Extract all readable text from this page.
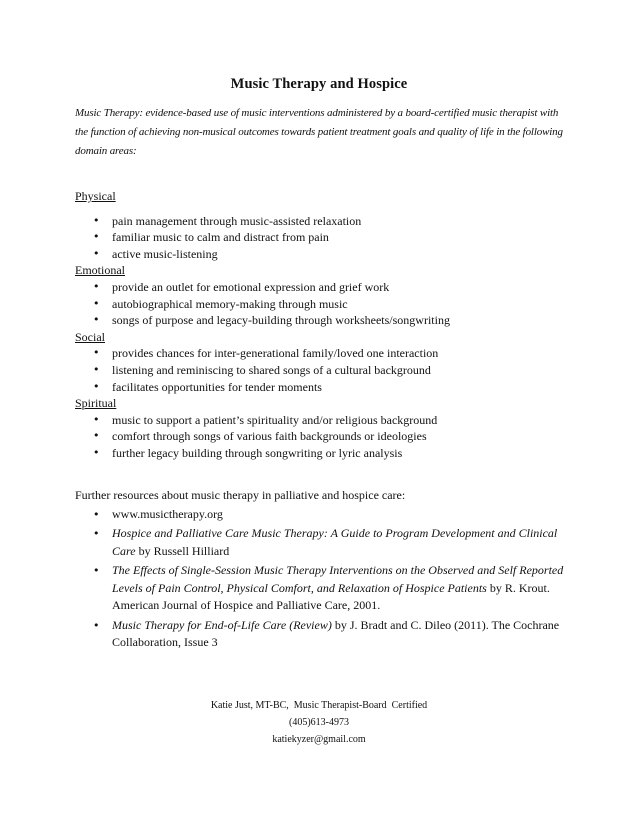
Music Therapy and Hospice
Music Therapy: evidence-based use of music interventions administered by a board-certified music therapist with the function of achieving non-musical outcomes towards patient treatment goals and quality of life in the following domain areas:

Physical

• pain management through music-assisted relaxation
• familiar music to calm and distract from pain
• active music-listening

Emotional

• provide an outlet for emotional expression and grief work
• autobiographical memory-making through music
• songs of purpose and legacy-building through worksheets/songwriting

Social

• provides chances for inter-generational family/loved one interaction
• listening and reminiscing to shared songs of a cultural background
• facilitates opportunities for tender moments

Spiritual

• music to support a patient’s spirituality and/or religious background
• comfort through songs of various faith backgrounds or ideologies
• further legacy building through songwriting or lyric analysis

Further resources about music therapy in palliative and hospice care:

• www.musictherapy.org
• Hospice and Palliative Care Music Therapy: A Guide to Program Development and Clinical Care by Russell Hilliard
• The Effects of Single-Session Music Therapy Interventions on the Observed and Self Reported Levels of Pain Control, Physical Comfort, and Relaxation of Hospice Patients by R. Krout. American Journal of Hospice and Palliative Care, 2001.
• Music Therapy for End-of-Life Care (Review) by J. Bradt and C. Dileo (2011). The Cochrane Collaboration, Issue 3
Katie Just, MT-BC,  Music Therapist-Board  Certified
(405)613-4973
katiekyzer@gmail.com
